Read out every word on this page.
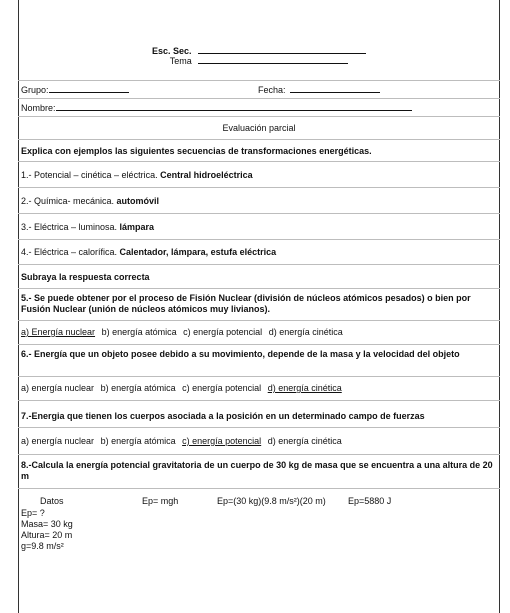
Esc. Sec.
Tema
Grupo:	Fecha:
Nombre:
Evaluación parcial
Explica con ejemplos las siguientes secuencias de transformaciones energéticas.
1.- Potencial – cinética – eléctrica. Central hidroeléctrica
2.- Química- mecánica. automóvil
3.- Eléctrica – luminosa. lámpara
4.- Eléctrica – calorífica. Calentador, lámpara, estufa eléctrica
Subraya la respuesta correcta
5.- Se puede obtener por el proceso de Fisión Nuclear (división de núcleos atómicos pesados) o bien por Fusión Nuclear (unión de núcleos atómicos muy livianos).
a) Energía nuclear b) energía atómica c) energía potencial d) energía cinética
6.- Energía que un objeto posee debido a su movimiento, depende de la masa y la velocidad del objeto
a) energía nuclear b) energía atómica c) energía potencial d) energía cinética
7.-Energia que tienen los cuerpos asociada a la posición en un determinado campo de fuerzas
a) energía nuclear b) energía atómica c) energía potencial d) energía cinética
8.-Calcula la energía potencial gravitatoria de un cuerpo de 30 kg de masa que se encuentra a una altura de 20 m
Datos	Ep= mgh	Ep=(30 kg)(9.8 m/s²)(20 m) Ep=5880 J
Ep= ?
Masa= 30 kg
Altura= 20 m
g=9.8 m/s²
